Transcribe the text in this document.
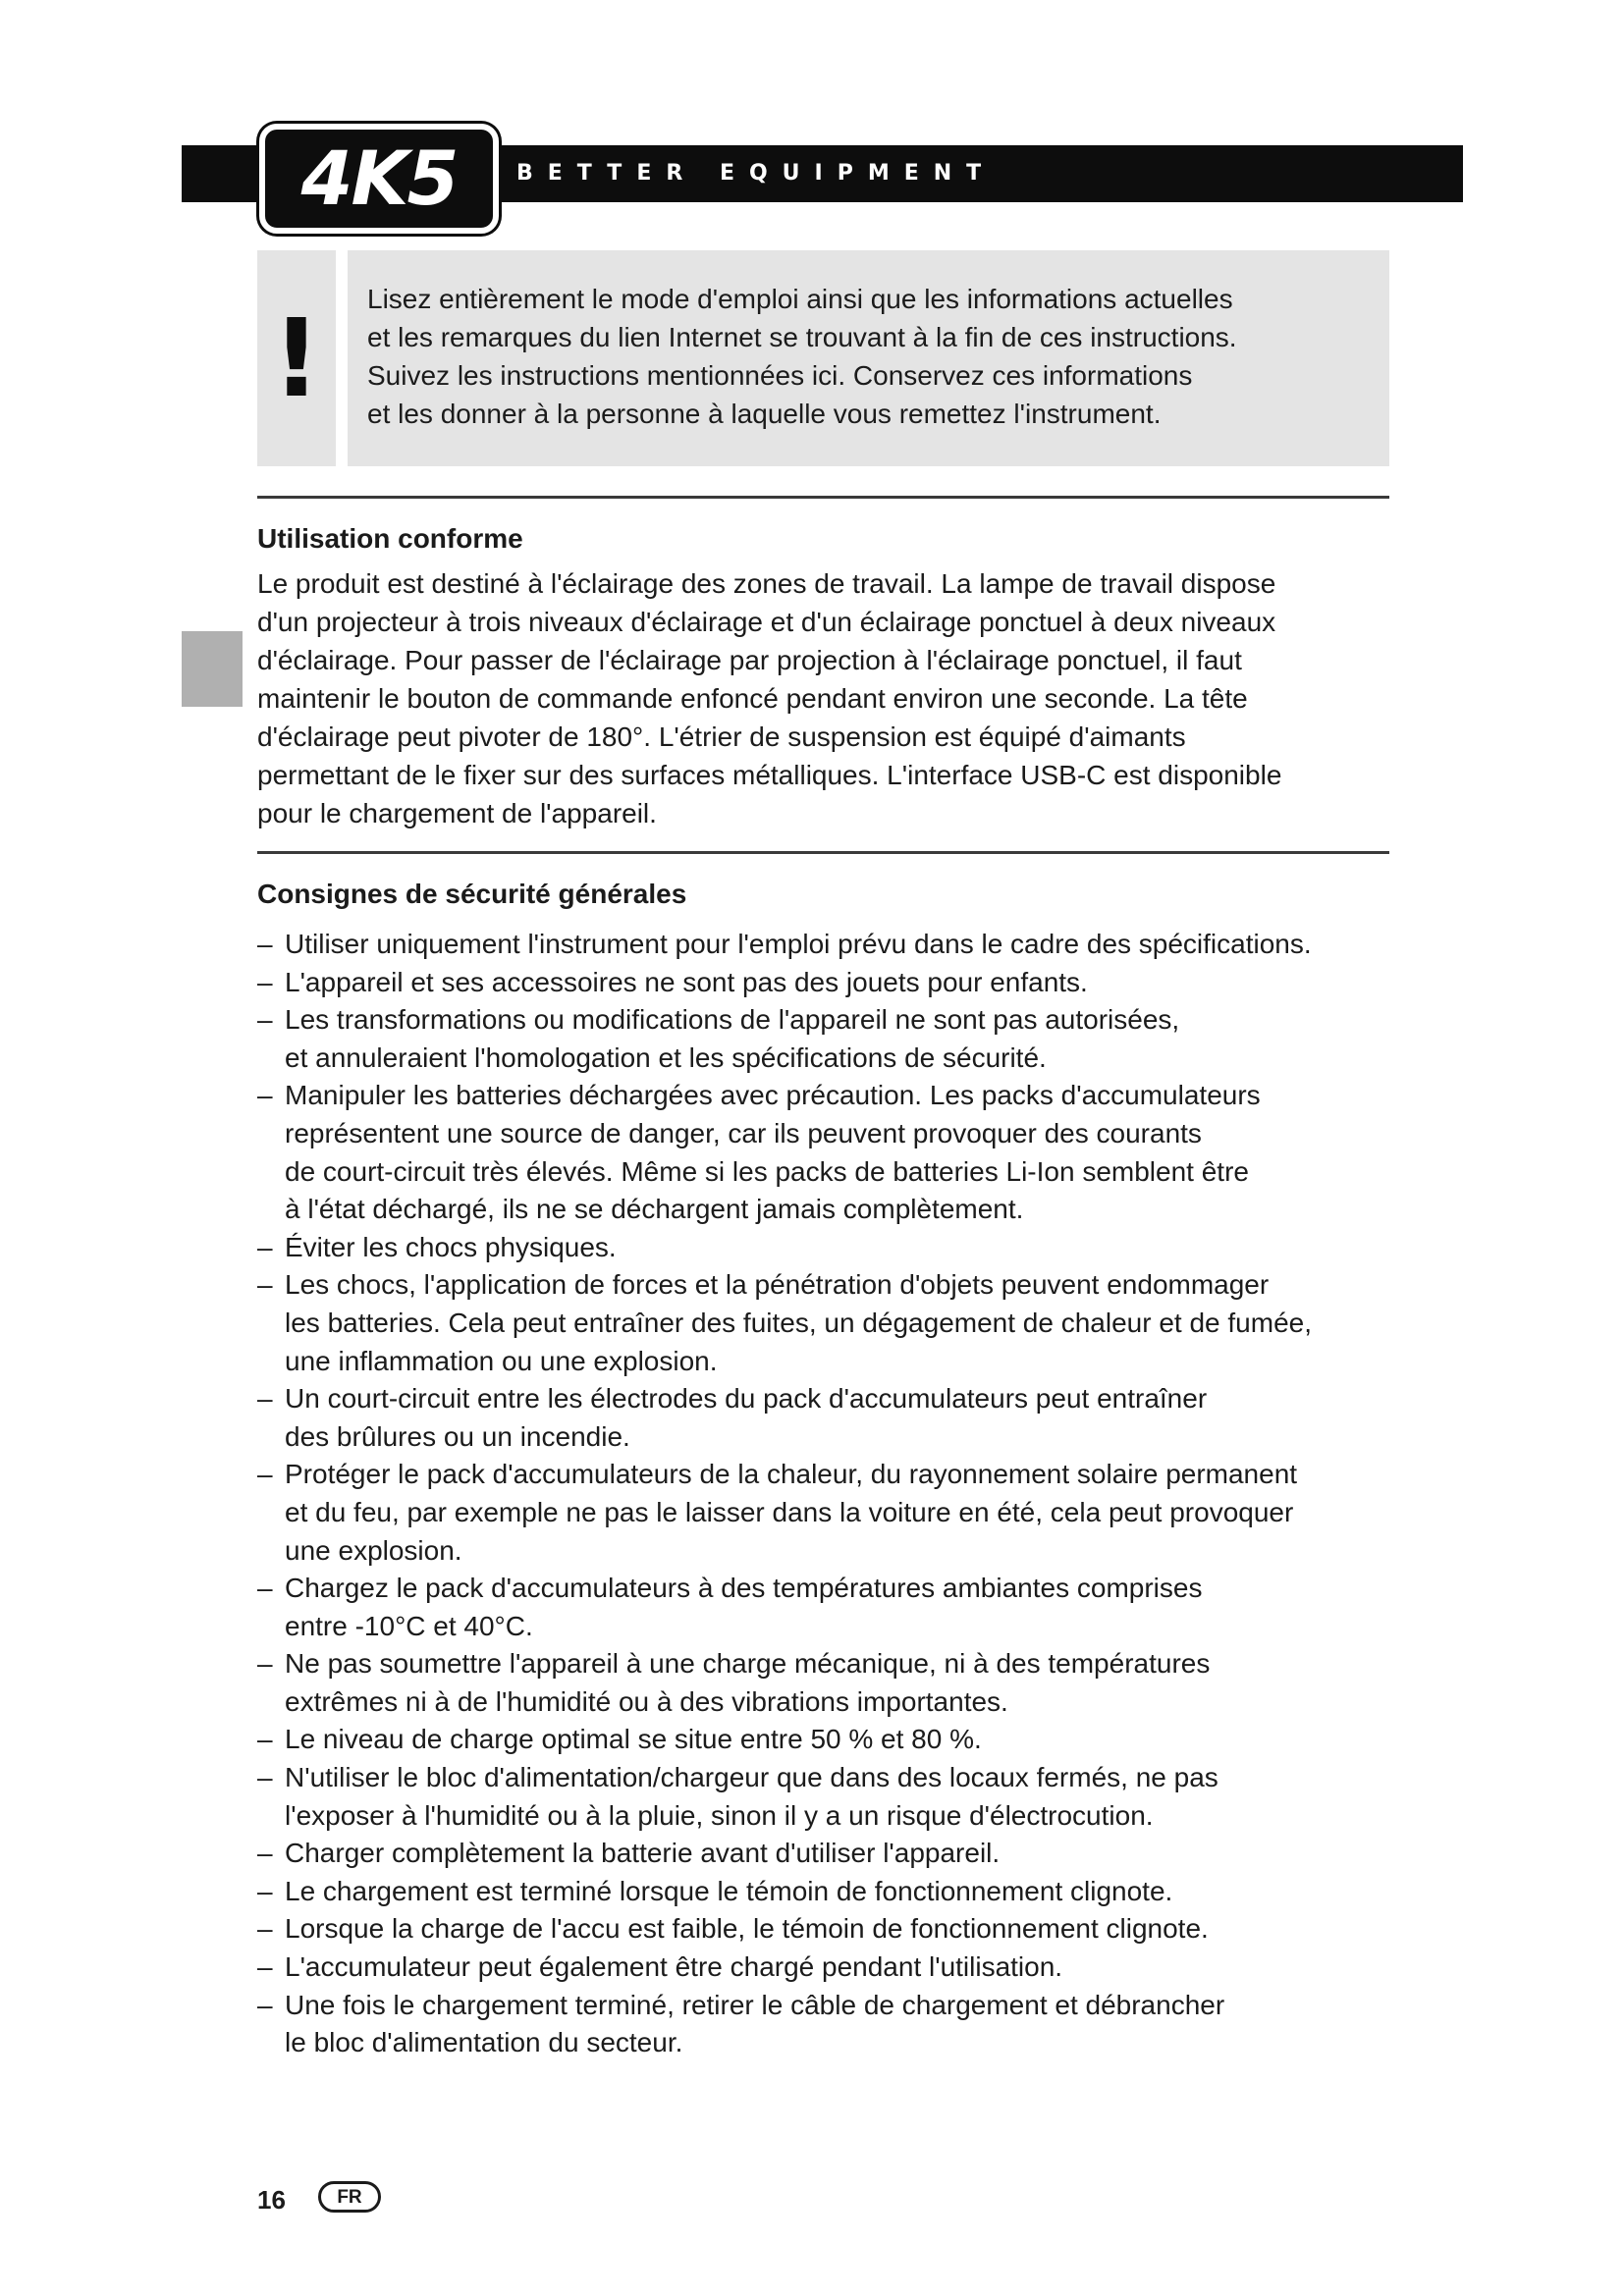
4K5	BETTER EQUIPMENT
! Lisez entièrement le mode d'emploi ainsi que les informations actuelles
et les remarques du lien Internet se trouvant à la fin de ces instructions.
Suivez les instructions mentionnées ici. Conservez ces informations
et les donner à la personne à laquelle vous remettez l'instrument.
Utilisation conforme
Le produit est destiné à l'éclairage des zones de travail. La lampe de travail dispose
d'un projecteur à trois niveaux d'éclairage et d'un éclairage ponctuel à deux niveaux
d'éclairage. Pour passer de l'éclairage par projection à l'éclairage ponctuel, il faut
maintenir le bouton de commande enfoncé pendant environ une seconde. La tête
d'éclairage peut pivoter de 180°. L'étrier de suspension est équipé d'aimants
permettant de le fixer sur des surfaces métalliques. L'interface USB-C est disponible
pour le chargement de l'appareil.
Consignes de sécurité générales
– Utiliser uniquement l'instrument pour l'emploi prévu dans le cadre des spécifications.
– L'appareil et ses accessoires ne sont pas des jouets pour enfants.
– Les transformations ou modifications de l'appareil ne sont pas autorisées,
et annuleraient l'homologation et les spécifications de sécurité.
– Manipuler les batteries déchargées avec précaution. Les packs d'accumulateurs
représentent une source de danger, car ils peuvent provoquer des courants
de court-circuit très élevés. Même si les packs de batteries Li-Ion semblent être
à l'état déchargé, ils ne se déchargent jamais complètement.
– Éviter les chocs physiques.
– Les chocs, l'application de forces et la pénétration d'objets peuvent endommager
les batteries. Cela peut entraîner des fuites, un dégagement de chaleur et de fumée,
une inflammation ou une explosion.
– Un court-circuit entre les électrodes du pack d'accumulateurs peut entraîner
des brûlures ou un incendie.
– Protéger le pack d'accumulateurs de la chaleur, du rayonnement solaire permanent
et du feu, par exemple ne pas le laisser dans la voiture en été, cela peut provoquer
une explosion.
– Chargez le pack d'accumulateurs à des températures ambiantes comprises
entre -10°C et 40°C.
– Ne pas soumettre l'appareil à une charge mécanique, ni à des températures
extrêmes ni à de l'humidité ou à des vibrations importantes.
– Le niveau de charge optimal se situe entre 50 % et 80 %.
– N'utiliser le bloc d'alimentation/chargeur que dans des locaux fermés, ne pas
l'exposer à l'humidité ou à la pluie, sinon il y a un risque d'électrocution.
– Charger complètement la batterie avant d'utiliser l'appareil.
– Le chargement est terminé lorsque le témoin de fonctionnement clignote.
– Lorsque la charge de l'accu est faible, le témoin de fonctionnement clignote.
– L'accumulateur peut également être chargé pendant l'utilisation.
– Une fois le chargement terminé, retirer le câble de chargement et débrancher
le bloc d'alimentation du secteur.
16	FR
